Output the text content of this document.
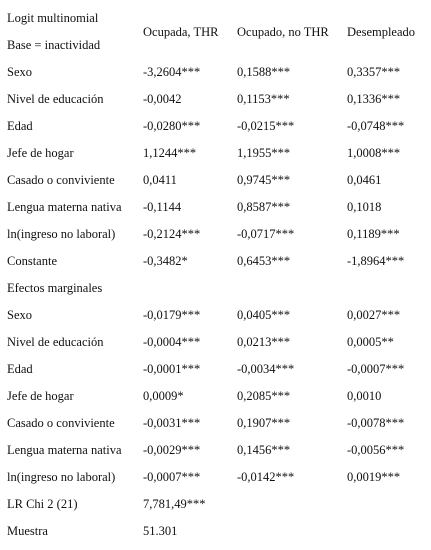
Logit multinomial
Base = inactividad
Ocupada, THR Ocupado, no THR Desempleado
Sexo	-3,2604***	0,1588***	0,3357***
Nivel de educación	-0,0042	0,1153***	0,1336***
Edad	-0,0280***	-0,0215***	-0,0748***
Jefe de hogar	1,1244***	1,1955***	1,0008***
Casado o conviviente 0,0411	0,9745***	0,0461
Lengua materna nativa -0,1144	0,8587***	0,1018
ln(ingreso no laboral) -0,2124***	-0,0717***	0,1189***
Constante	-0,3482*	0,6453***	-1,8964***
Efectos marginales
Sexo	-0,0179***	0,0405***	0,0027***
Nivel de educación	-0,0004***	0,0213***	0,0005**
Edad	-0,0001***	-0,0034***	-0,0007***
Jefe de hogar	0,0009*	0,2085***	0,0010
Casado o conviviente -0,0031***	0,1907***	-0,0078***
Lengua materna nativa -0,0029***	0,1456***	-0,0056***
ln(ingreso no laboral) -0,0007***	-0,0142***	0,0019***
LR Chi 2 (21)	7,781,49***
Muestra	51.301
